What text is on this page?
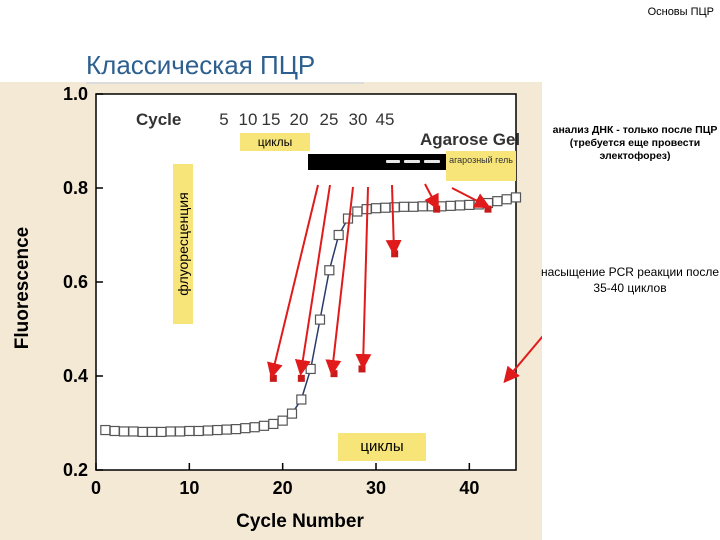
0	10	20	30	40
0.2
0.4
0.6
0.8
1.0
Cycle
Agarose Gel
5 10 15 20 25 30 45
Fluorescence
Cycle Number
Основы ПЦР
Классическая ПЦР
циклы
агарозный гель
циклы
флуоресценция
анализ ДНК - только после ПЦР (требуется еще провести электофорез)
насыщение PCR реакции после 35-40 циклов
